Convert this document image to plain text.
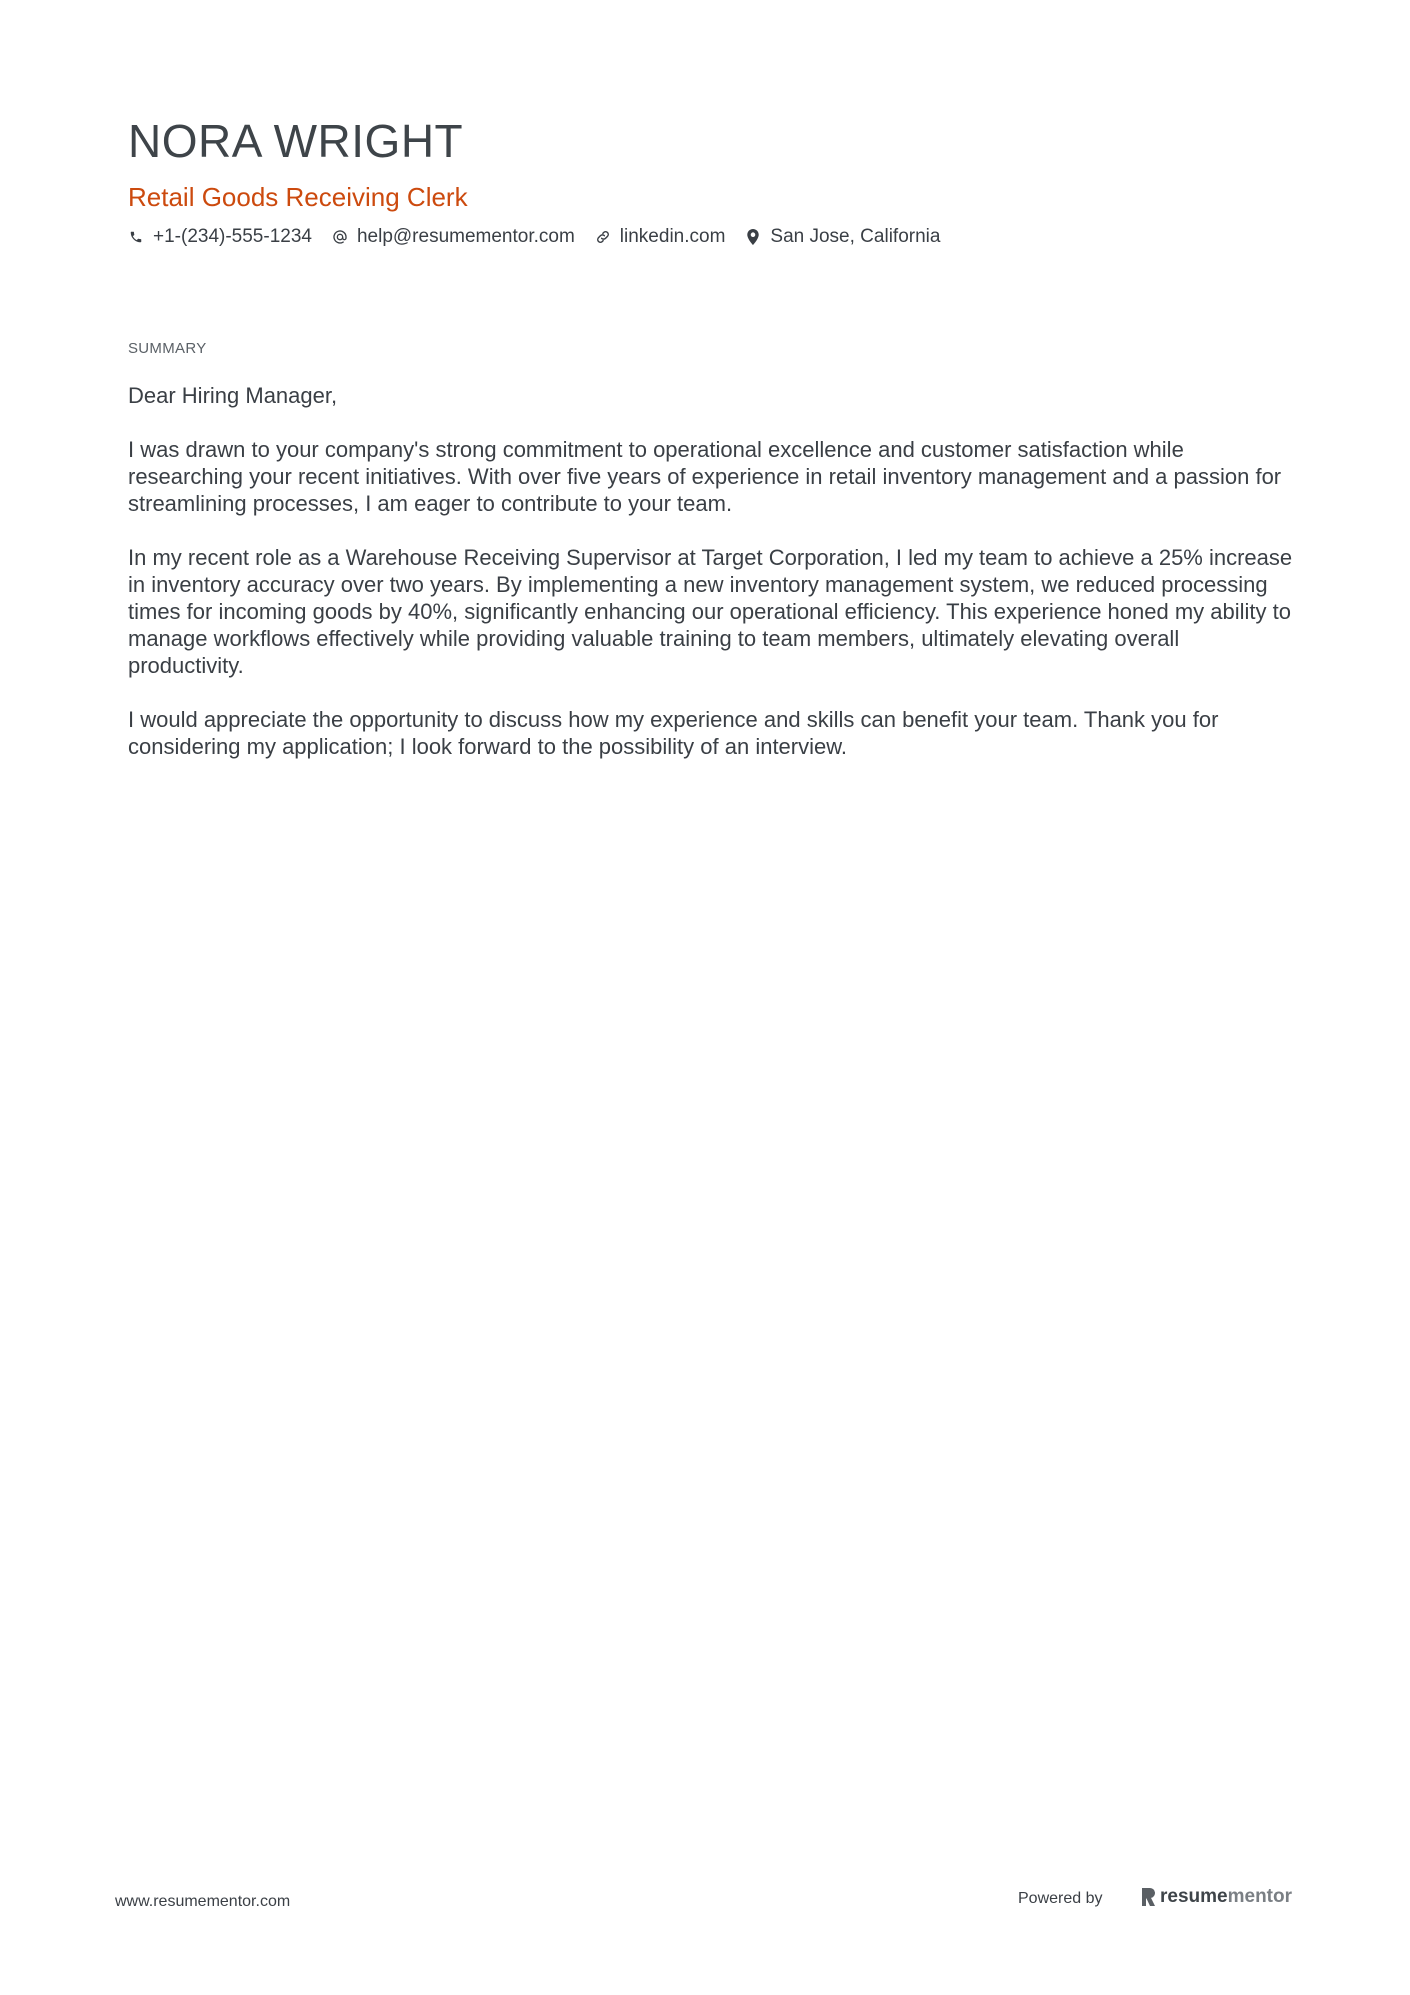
NORA WRIGHT
Retail Goods Receiving Clerk
+1-(234)-555-1234 help@resumementor.com linkedin.com San Jose, California
SUMMARY

Dear Hiring Manager,

I was drawn to your company's strong commitment to operational excellence and customer satisfaction while researching your recent initiatives. With over five years of experience in retail inventory management and a passion for streamlining processes, I am eager to contribute to your team.

In my recent role as a Warehouse Receiving Supervisor at Target Corporation, I led my team to achieve a 25% increase in inventory accuracy over two years. By implementing a new inventory management system, we reduced processing times for incoming goods by 40%, significantly enhancing our operational efficiency. This experience honed my ability to manage workflows effectively while providing valuable training to team members, ultimately elevating overall productivity.

I would appreciate the opportunity to discuss how my experience and skills can benefit your team. Thank you for considering my application; I look forward to the possibility of an interview.

www.resumementor.com	Powered by	resume mentor
